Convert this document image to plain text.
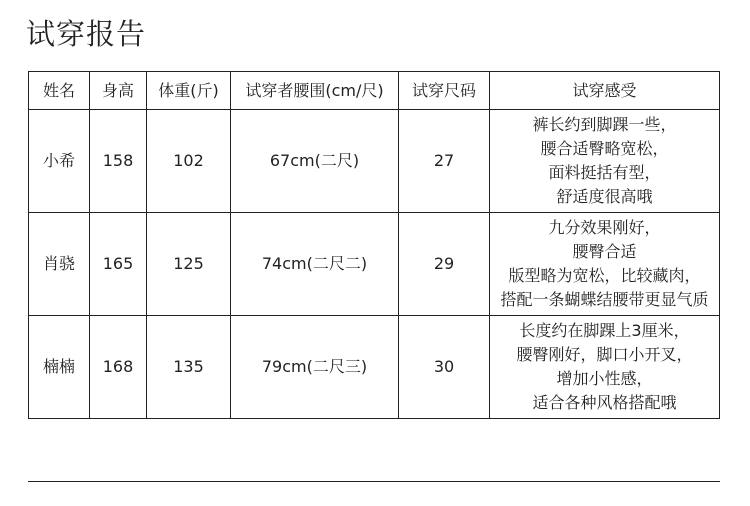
试穿报告
姓名	身高	体重(斤)	试穿者腰围(cm/尺)	试穿尺码	试穿感受
小希	158	102	67cm(二尺)	27	裤长约到脚踝一些，
腰合适臀略宽松，
面料挺括有型，
舒适度很高哦

肖骁	165	125	74cm(二尺二)	29	九分效果刚好，
腰臀合适
版型略为宽松，比较藏肉，
搭配一条蝴蝶结腰带更显气质

楠楠	168	135	79cm(二尺三)	30	长度约在脚踝上3厘米，
腰臀刚好，脚口小开叉，
增加小性感，
适合各种风格搭配哦
